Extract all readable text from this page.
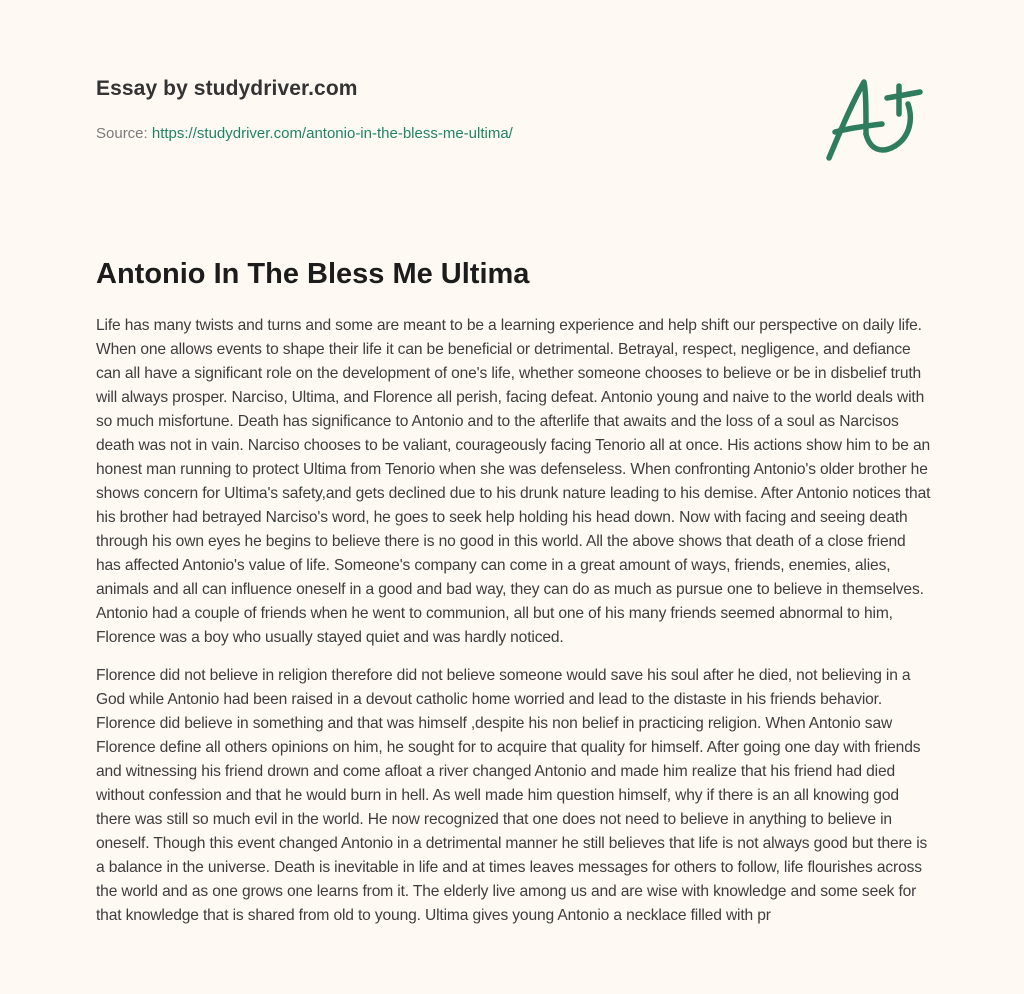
Essay by studydriver.com
Source: https://studydriver.com/antonio-in-the-bless-me-ultima/
Antonio In The Bless Me Ultima

Life has many twists and turns and some are meant to be a learning experience and help shift our perspective on daily life. When one allows events to shape their life it can be beneficial or detrimental. Betrayal, respect, negligence, and defiance can all have a significant role on the development of one's life, whether someone chooses to believe or be in disbelief truth will always prosper. Narciso, Ultima, and Florence all perish, facing defeat. Antonio young and naive to the world deals with so much misfortune. Death has significance to Antonio and to the afterlife that awaits and the loss of a soul as Narcisos death was not in vain. Narciso chooses to be valiant, courageously facing Tenorio all at once. His actions show him to be an honest man running to protect Ultima from Tenorio when she was defenseless. When confronting Antonio's older brother he shows concern for Ultima's safety,and gets declined due to his drunk nature leading to his demise. After Antonio notices that his brother had betrayed Narciso's word, he goes to seek help holding his head down. Now with facing and seeing death through his own eyes he begins to believe there is no good in this world. All the above shows that death of a close friend has affected Antonio's value of life. Someone's company can come in a great amount of ways, friends, enemies, alies, animals and all can influence oneself in a good and bad way, they can do as much as pursue one to believe in themselves. Antonio had a couple of friends when he went to communion, all but one of his many friends seemed abnormal to him, Florence was a boy who usually stayed quiet and was hardly noticed.

Florence did not believe in religion therefore did not believe someone would save his soul after he died, not believing in a God while Antonio had been raised in a devout catholic home worried and lead to the distaste in his friends behavior. Florence did believe in something and that was himself ,despite his non belief in practicing religion. When Antonio saw Florence define all others opinions on him, he sought for to acquire that quality for himself. After going one day with friends and witnessing his friend drown and come afloat a river changed Antonio and made him realize that his friend had died without confession and that he would burn in hell. As well made him question himself, why if there is an all knowing god there was still so much evil in the world. He now recognized that one does not need to believe in anything to believe in oneself. Though this event changed Antonio in a detrimental manner he still believes that life is not always good but there is a balance in the universe. Death is inevitable in life and at times leaves messages for others to follow, life flourishes across the world and as one grows one learns from it. The elderly live among us and are wise with knowledge and some seek for that knowledge that is shared from old to young. Ultima gives young Antonio a necklace filled with pr
